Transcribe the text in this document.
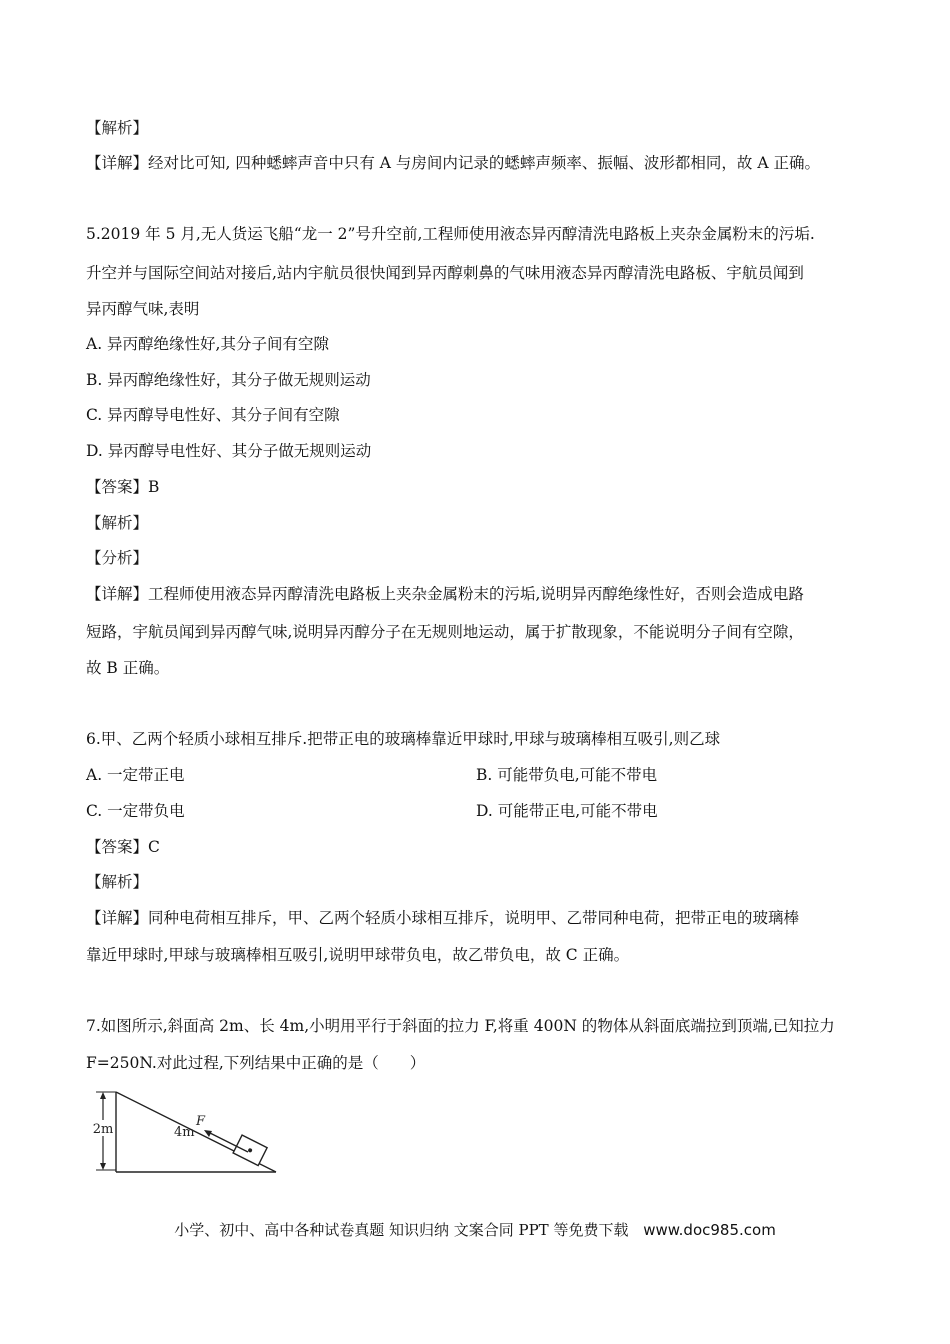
【解析】
【详解】经对比可知, 四种蟋蟀声音中只有 A 与房间内记录的蟋蟀声频率、振幅、波形都相同，故 A 正确。
5.2019 年 5 月,无人货运飞船“龙一 2”号升空前,工程师使用液态异丙醇清洗电路板上夹杂金属粉末的污垢.
升空并与国际空间站对接后,站内宇航员很快闻到异丙醇刺鼻的气味用液态异丙醇清洗电路板、宇航员闻到
异丙醇气味,表明
A. 异丙醇绝缘性好,其分子间有空隙
B. 异丙醇绝缘性好，其分子做无规则运动
C. 异丙醇导电性好、其分子间有空隙
D. 异丙醇导电性好、其分子做无规则运动
【答案】B
【解析】
【分析】
【详解】工程师使用液态异丙醇清洗电路板上夹杂金属粉末的污垢,说明异丙醇绝缘性好，否则会造成电路
短路，宇航员闻到异丙醇气味,说明异丙醇分子在无规则地运动，属于扩散现象，不能说明分子间有空隙，
故 B 正确。
6.甲、乙两个轻质小球相互排斥.把带正电的玻璃棒靠近甲球时,甲球与玻璃棒相互吸引,则乙球
A. 一定带正电	B. 可能带负电,可能不带电
C. 一定带负电	D. 可能带正电,可能不带电
【答案】C
【解析】
【详解】同种电荷相互排斥，甲、乙两个轻质小球相互排斥，说明甲、乙带同种电荷，把带正电的玻璃棒
靠近甲球时,甲球与玻璃棒相互吸引,说明甲球带负电，故乙带负电，故 C 正确。
7.如图所示,斜面高 2m、长 4m,小明用平行于斜面的拉力 F,将重 400N 的物体从斜面底端拉到顶端,已知拉力
F=250N.对此过程,下列结果中正确的是（　　）
2m	4m
F
小学、初中、高中各种试卷真题 知识归纳 文案合同 PPT 等免费下载 www.doc985.com
